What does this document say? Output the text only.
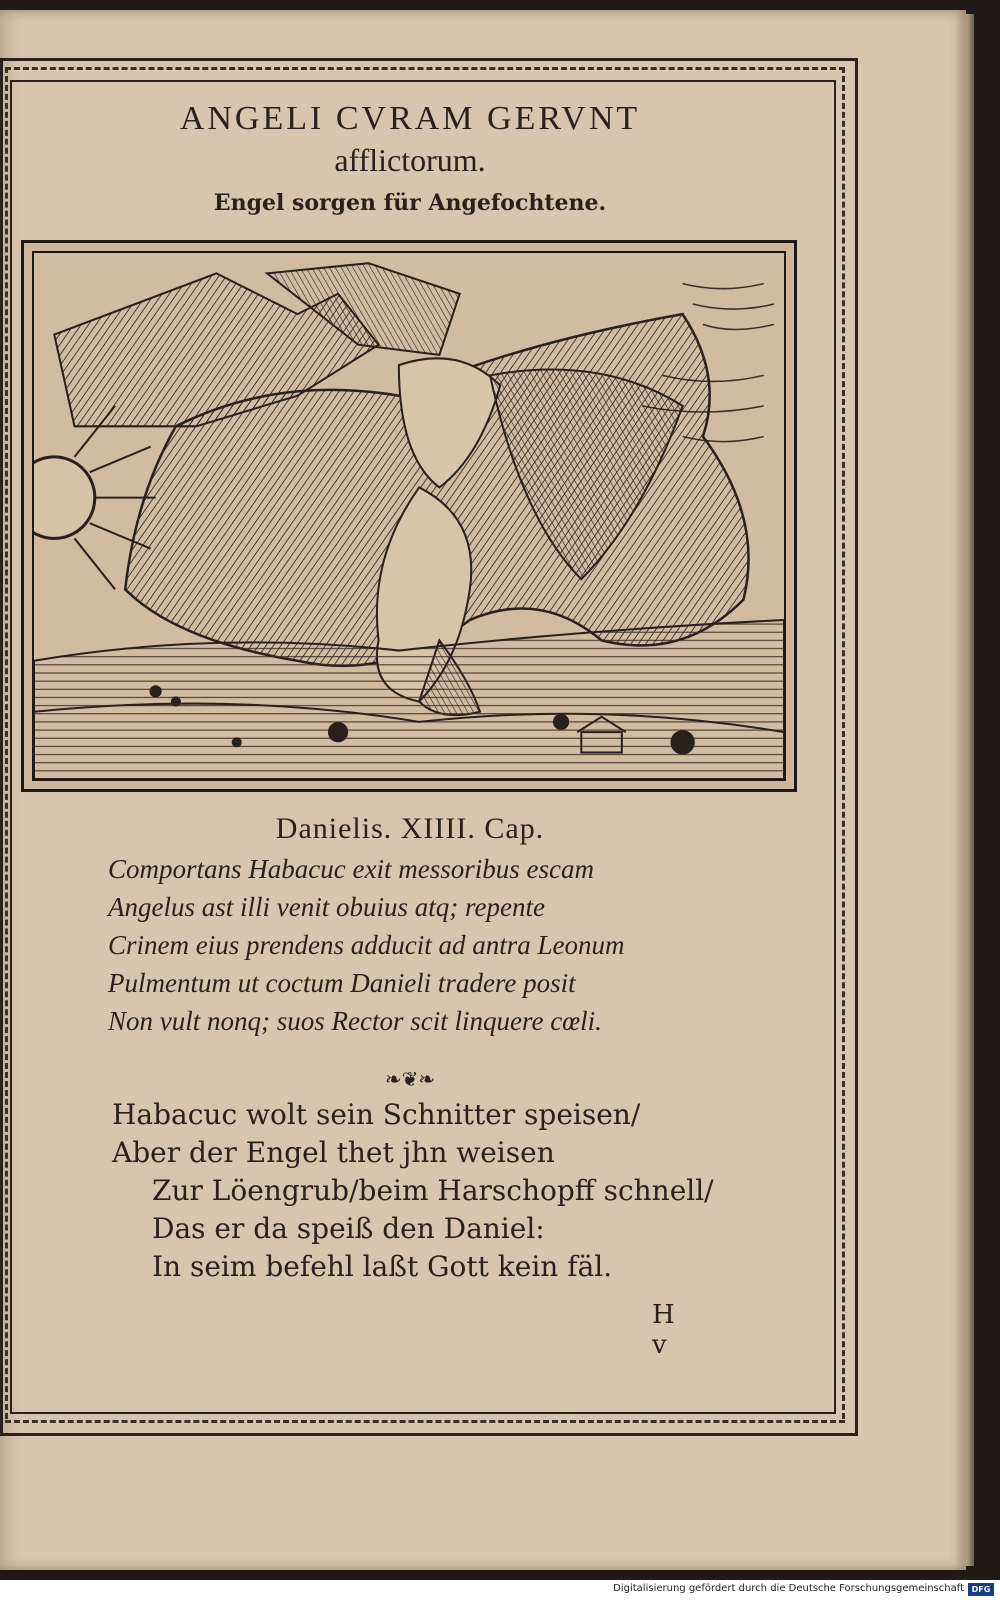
ANGELI CVRAM GERVNT
afflictorum.
Engel sorgen für Angefochtene.
Danielis. XIIII. Cap.
Comportans Habacuc exit messoribus escam
Angelus ast illi venit obuius atq; repente
Crinem eius prendens adducit ad antra Leonum
Pulmentum ut coctum Danieli tradere posit
Non vult nonq; suos Rector scit linquere cœli.
❧❦❧
Habacuc wolt sein Schnitter speisen/
Aber der Engel thet jhn weisen
Zur Löengrub/beim Harschopff schnell/
Das er da speiß den Daniel:
In seim befehl laßt Gott kein fäl.
H v
Digitalisierung gefördert durch die Deutsche Forschungsgemeinschaft DFG
